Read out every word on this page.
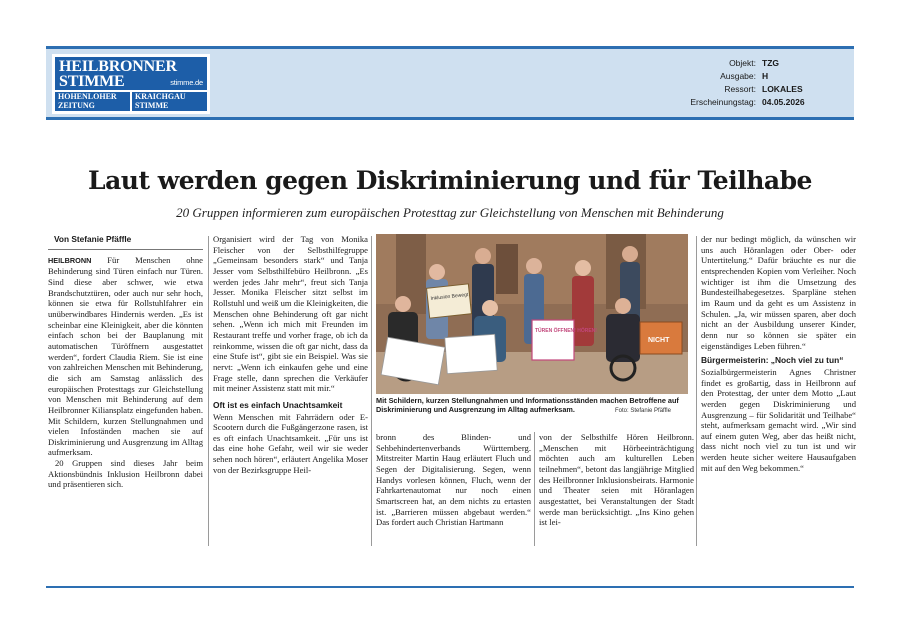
HEILBRONNER
STIMME	stimme.de
HOHENLOHER ZEITUNG
KRAICHGAU STIMME
Objekt: TZG
Ausgabe: H
Ressort: LOKALES
Erscheinungstag: 04.05.2026
Laut werden gegen Diskriminierung und für Teilhabe
20 Gruppen informieren zum europäischen Protesttag zur Gleichstellung von Menschen mit Behinderung
Von Stefanie Pfäffle

HEILBRONN Für Menschen ohne Behinderung sind Türen einfach nur Türen. Sind diese aber schwer, wie etwa Brandschutztüren, oder auch nur sehr hoch, können sie etwa für Rollstuhlfahrer ein unüberwindbares Hindernis werden. „Es ist scheinbar eine Kleinigkeit, aber die könnten einfach schon bei der Bauplanung mit automatischen Türöffnern ausgestattet werden“, fordert Claudia Riem. Sie ist eine von zahlreichen Menschen mit Behinderung, die sich am Samstag anlässlich des europäischen Protesttags zur Gleichstellung von Menschen mit Behinderung auf dem Heilbronner Kiliansplatz eingefunden haben. Mit Schildern, kurzen Stellungnahmen und vielen Infoständen machen sie auf Diskriminierung und Ausgrenzung im Alltag aufmerksam.

20 Gruppen sind dieses Jahr beim Aktionsbündnis Inklusion Heilbronn dabei und präsentieren sich.

Organisiert wird der Tag von Monika Fleischer von der Selbsthilfegruppe „Gemeinsam besonders stark“ und Tanja Jesser vom Selbsthilfebüro Heilbronn. „Es werden jedes Jahr mehr“, freut sich Tanja Jesser. Monika Fleischer sitzt selbst im Rollstuhl und weiß um die Kleinigkeiten, die Menschen ohne Behinderung oft gar nicht sehen. „Wenn ich mich mit Freunden im Restaurant treffe und vorher frage, ob ich da reinkomme, wissen die oft gar nicht, dass da eine Stufe ist“, gibt sie ein Beispiel. Was sie nervt: „Wenn ich einkaufen gehe und eine Frage stelle, dann sprechen die Verkäufer mit meiner Assistenz statt mit mir.“

Oft ist es einfach Unachtsamkeit

Wenn Menschen mit Fahrrädern oder E-Scootern durch die Fußgängerzone rasen, ist es oft einfach Unachtsamkeit. „Für uns ist das eine hohe Gefahr, weil wir sie weder sehen noch hören“, erläutert Angelika Moser von der Bezirksgruppe Heil-

Inklusion Bewegt
TÜREN ÖFFNEN! HÖREN!
NICHT
Mit Schildern, kurzen Stellungnahmen und Informationsständen machen Betroffene auf Diskriminierung und Ausgrenzung im Alltag aufmerksam.	Foto: Stefanie Pfäffle

bronn des Blinden- und Sehbehindertenverbands Württemberg. Mitstreiter Martin Haug erläutert Fluch und Segen der Digitalisierung. Segen, wenn Handys vorlesen können, Fluch, wenn der Fahrkartenautomat nur noch einen Smartscreen hat, an dem nichts zu ertasten ist. „Barrieren müssen abgebaut werden.“ Das fordert auch Christian Hartmann

von der Selbsthilfe Hören Heilbronn. „Menschen mit Hörbeeinträchtigung möchten auch am kulturellen Leben teilnehmen“, betont das langjährige Mitglied des Heilbronner Inklusionsbeirats. Harmonie und Theater seien mit Höranlagen ausgestattet, bei Veranstaltungen der Stadt werde man berücksichtigt. „Ins Kino gehen ist lei-

der nur bedingt möglich, da wünschen wir uns auch Höranlagen oder Ober- oder Untertitelung.“ Dafür bräuchte es nur die entsprechenden Kopien vom Verleiher. Noch wichtiger ist ihm die Umsetzung des Bundesteilhabegesetzes. Sparpläne stehen im Raum und da geht es um Assistenz in Schulen. „Ja, wir müssen sparen, aber doch nicht an der Ausbildung unserer Kinder, denn nur so können sie später ein eigenständiges Leben führen.“

Bürgermeisterin: „Noch viel zu tun“

Sozialbürgermeisterin Agnes Christner findet es großartig, dass in Heilbronn auf den Protesttag, der unter dem Motto „Laut werden gegen Diskriminierung und Ausgrenzung – für Solidarität und Teilhabe“ steht, aufmerksam gemacht wird. „Wir sind auf einem guten Weg, aber das heißt nicht, dass nicht noch viel zu tun ist und wir werden heute sicher weitere Hausaufgaben mit auf den Weg bekommen.“
